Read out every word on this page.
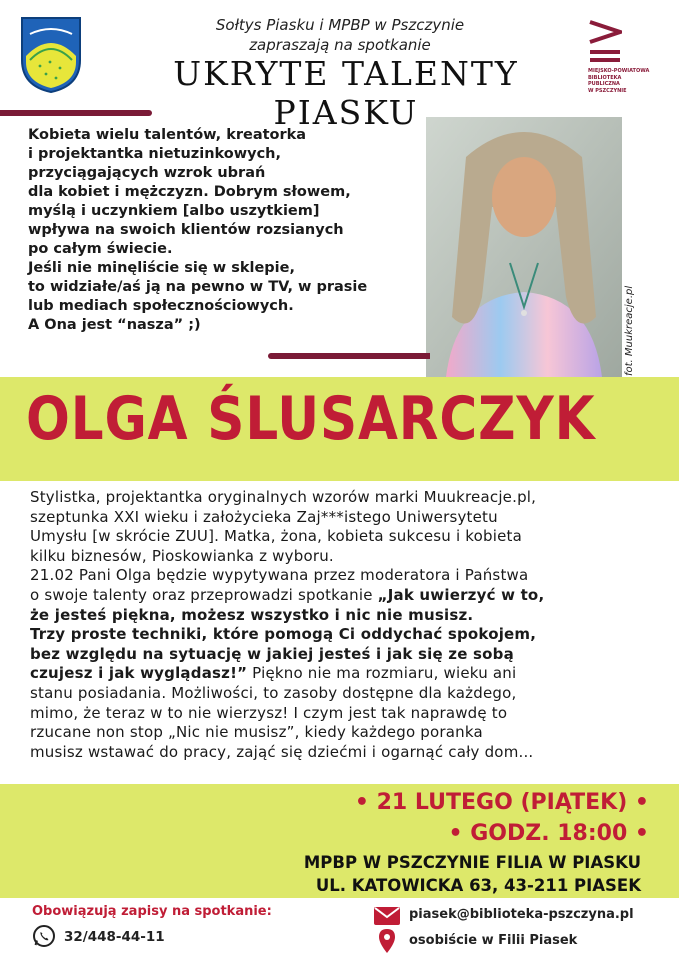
Sołtys Piasku i MPBP w Pszczynie
zapraszają na spotkanie
UKRYTE TALENTY PIASKU
MIEJSKO-POWIATOWA
BIBLIOTEKA
PUBLICZNA
W PSZCZYNIE
Kobieta wielu talentów, kreatorka
i projektantka nietuzinkowych,
przyciągających wzrok ubrań
dla kobiet i mężczyzn. Dobrym słowem,
myślą i uczynkiem [albo uszytkiem]
wpływa na swoich klientów rozsianych
po całym świecie.
Jeśli nie minęliście się w sklepie,
to widziałe/aś ją na pewno w TV, w prasie
lub mediach społecznościowych.
A Ona jest “nasza” ;)	fot. Muukreacje.pl
OLGA ŚLUSARCZYK
Stylistka, projektantka oryginalnych wzorów marki Muukreacje.pl,
szeptunka XXI wieku i założycieka Zaj***istego Uniwersytetu
Umysłu [w skrócie ZUU]. Matka, żona, kobieta sukcesu i kobieta
kilku biznesów, Pioskowianka z wyboru.
21.02 Pani Olga będzie wypytywana przez moderatora i Państwa
o swoje talenty oraz przeprowadzi spotkanie „Jak uwierzyć w to,
że jesteś piękna, możesz wszystko i nic nie musisz.
Trzy proste techniki, które pomogą Ci oddychać spokojem,
bez względu na sytuację w jakiej jesteś i jak się ze sobą
czujesz i jak wyglądasz!” Piękno nie ma rozmiaru, wieku ani
stanu posiadania. Możliwości, to zasoby dostępne dla każdego,
mimo, że teraz w to nie wierzysz! I czym jest tak naprawdę to
rzucane non stop „Nic nie musisz”, kiedy każdego poranka
musisz wstawać do pracy, zająć się dziećmi i ogarnąć cały dom...
• 21 LUTEGO (PIĄTEK) •
• GODZ. 18:00 •
MPBP W PSZCZYNIE FILIA W PIASKU
UL. KATOWICKA 63, 43-211 PIASEK
Obowiązują zapisy na spotkanie:
32/448-44-11
piasek@biblioteka-pszczyna.pl
osobiście w Filii Piasek
